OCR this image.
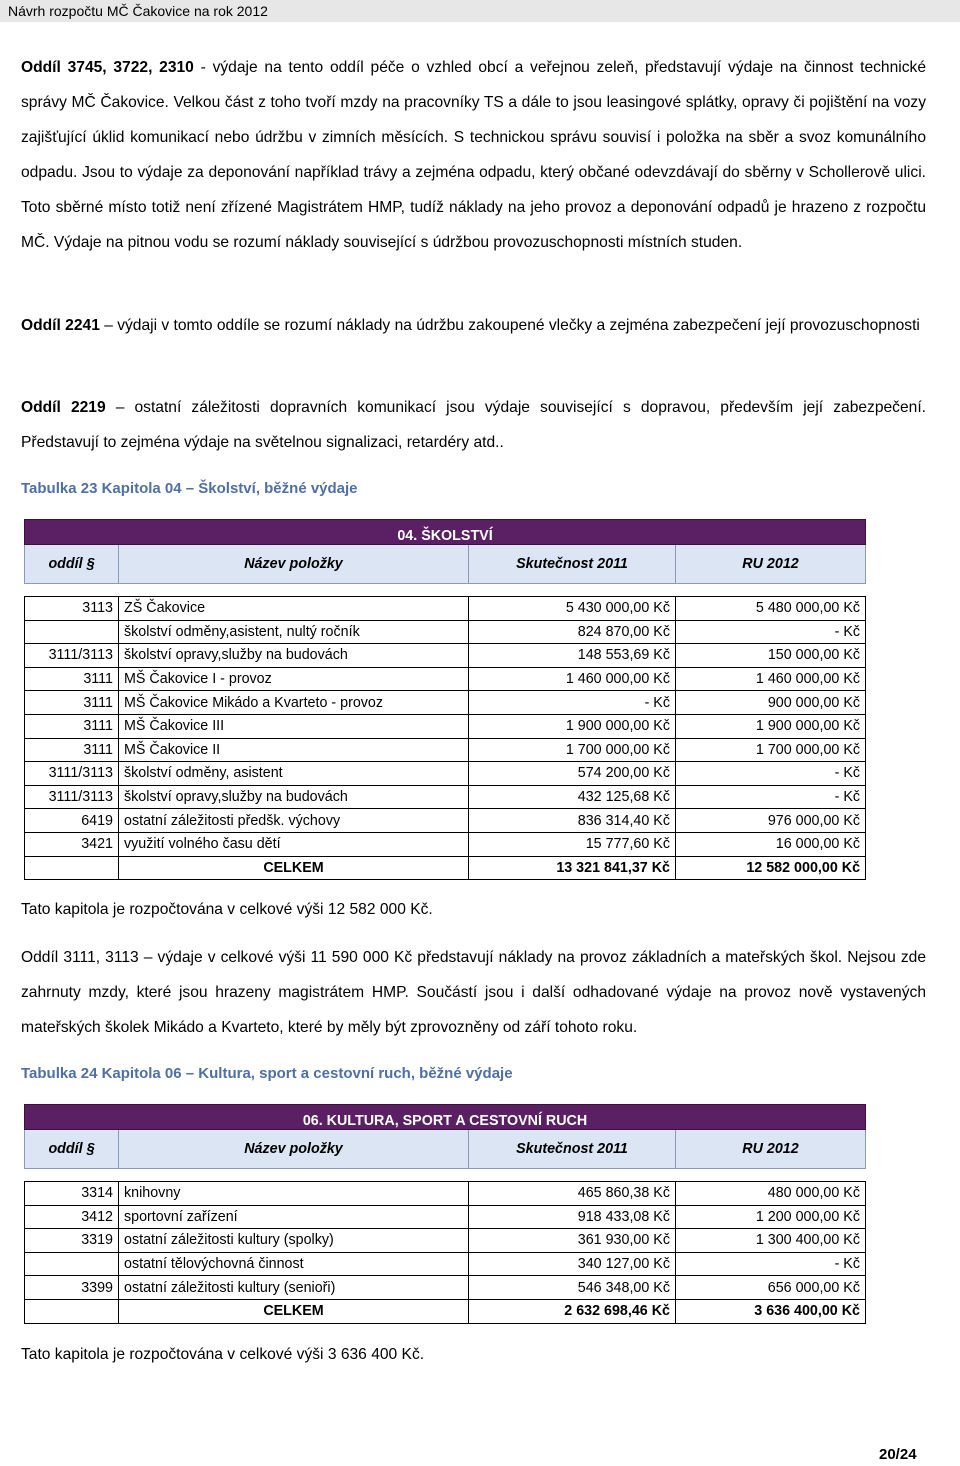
Návrh rozpočtu MČ Čakovice na rok 2012

Oddíl 3745, 3722, 2310 - výdaje na tento oddíl péče o vzhled obcí a veřejnou zeleň, představují výdaje na činnost technické správy MČ Čakovice. Velkou část z toho tvoří mzdy na pracovníky TS a dále to jsou leasingové splátky, opravy či pojištění na vozy zajišťující úklid komunikací nebo údržbu v zimních měsících. S technickou správu souvisí i položka na sběr a svoz komunálního odpadu. Jsou to výdaje za deponování například trávy a zejména odpadu, který občané odevzdávají do sběrny v Schollerově ulici. Toto sběrné místo totiž není zřízené Magistrátem HMP, tudíž náklady na jeho provoz a deponování odpadů je hrazeno z rozpočtu MČ. Výdaje na pitnou vodu se rozumí náklady související s údržbou provozuschopnosti místních studen.

Oddíl 2241 – výdaji v tomto oddíle se rozumí náklady na údržbu zakoupené vlečky a zejména zabezpečení její provozuschopnosti

Oddíl 2219 – ostatní záležitosti dopravních komunikací jsou výdaje související s dopravou, především její zabezpečení. Představují to zejména výdaje na světelnou signalizaci, retardéry atd..

Tabulka 23 Kapitola 04 – Školství, běžné výdaje
04. ŠKOLSTVÍ			
oddíl §	Název položky	Skutečnost 2011	RU 2012

3113	ZŠ Čakovice	5 430 000,00 Kč	5 480 000,00 Kč
	školství odměny,asistent, nultý ročník	824 870,00 Kč	- Kč
3111/3113	školství opravy,služby na budovách	148 553,69 Kč	150 000,00 Kč
3111	MŠ Čakovice I - provoz	1 460 000,00 Kč	1 460 000,00 Kč
3111	MŠ Čakovice Mikádo a Kvarteto - provoz	- Kč	900 000,00 Kč
3111	MŠ Čakovice III	1 900 000,00 Kč	1 900 000,00 Kč
3111	MŠ Čakovice II	1 700 000,00 Kč	1 700 000,00 Kč
3111/3113	školství odměny, asistent	574 200,00 Kč	- Kč
3111/3113	školství opravy,služby na budovách	432 125,68 Kč	- Kč
6419	ostatní záležitosti předšk. výchovy	836 314,40 Kč	976 000,00 Kč
3421	využití volného času dětí	15 777,60 Kč	16 000,00 Kč
	CELKEM	13 321 841,37 Kč	12 582 000,00 Kč

Tato kapitola je rozpočtována v celkové výši 12 582 000 Kč.

Oddíl 3111, 3113 – výdaje v celkové výši 11 590 000 Kč představují náklady na provoz základních a mateřských škol. Nejsou zde zahrnuty mzdy, které jsou hrazeny magistrátem HMP. Součástí jsou i další odhadované výdaje na provoz nově vystavených mateřských školek Mikádo a Kvarteto, které by měly být zprovozněny od září tohoto roku.

Tabulka 24 Kapitola 06 – Kultura, sport a cestovní ruch, běžné výdaje
06. KULTURA, SPORT A CESTOVNÍ RUCH			
oddíl §	Název položky	Skutečnost 2011	RU 2012

3314	knihovny	465 860,38 Kč	480 000,00 Kč
3412	sportovní zařízení	918 433,08 Kč	1 200 000,00 Kč
3319	ostatní záležitosti kultury (spolky)	361 930,00 Kč	1 300 400,00 Kč
	ostatní tělovýchovná činnost	340 127,00 Kč	- Kč
3399	ostatní záležitosti kultury (senioři)	546 348,00 Kč	656 000,00 Kč
	CELKEM	2 632 698,46 Kč	3 636 400,00 Kč

Tato kapitola je rozpočtována v celkové výši 3 636 400 Kč.

20/24
